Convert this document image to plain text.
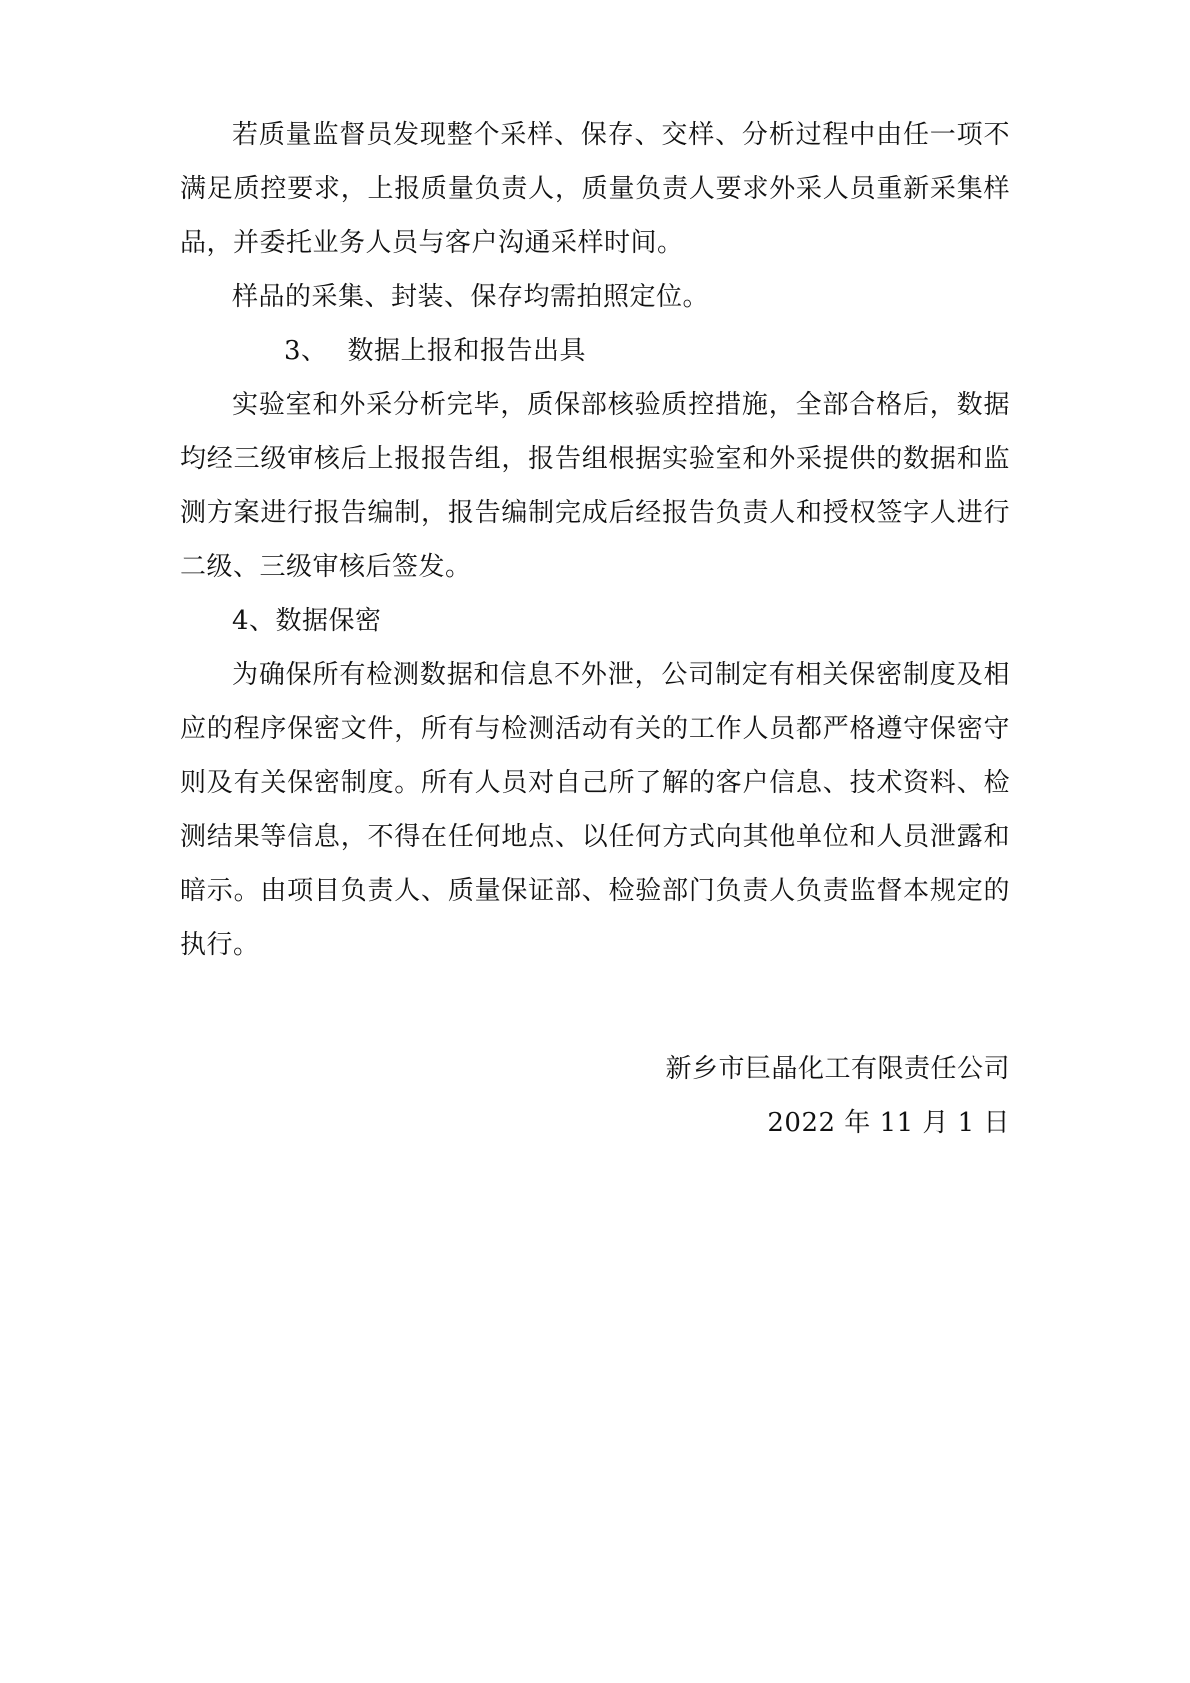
若质量监督员发现整个采样、保存、交样、分析过程中由任一项不满足质控要求，上报质量负责人，质量负责人要求外采人员重新采集样品，并委托业务人员与客户沟通采样时间。

样品的采集、封装、保存均需拍照定位。

3、 数据上报和报告出具

实验室和外采分析完毕，质保部核验质控措施，全部合格后，数据均经三级审核后上报报告组，报告组根据实验室和外采提供的数据和监测方案进行报告编制，报告编制完成后经报告负责人和授权签字人进行二级、三级审核后签发。

4、数据保密

为确保所有检测数据和信息不外泄，公司制定有相关保密制度及相应的程序保密文件，所有与检测活动有关的工作人员都严格遵守保密守则及有关保密制度。所有人员对自己所了解的客户信息、技术资料、检测结果等信息，不得在任何地点、以任何方式向其他单位和人员泄露和暗示。由项目负责人、质量保证部、检验部门负责人负责监督本规定的执行。

新乡市巨晶化工有限责任公司
2022 年 11 月 1 日
